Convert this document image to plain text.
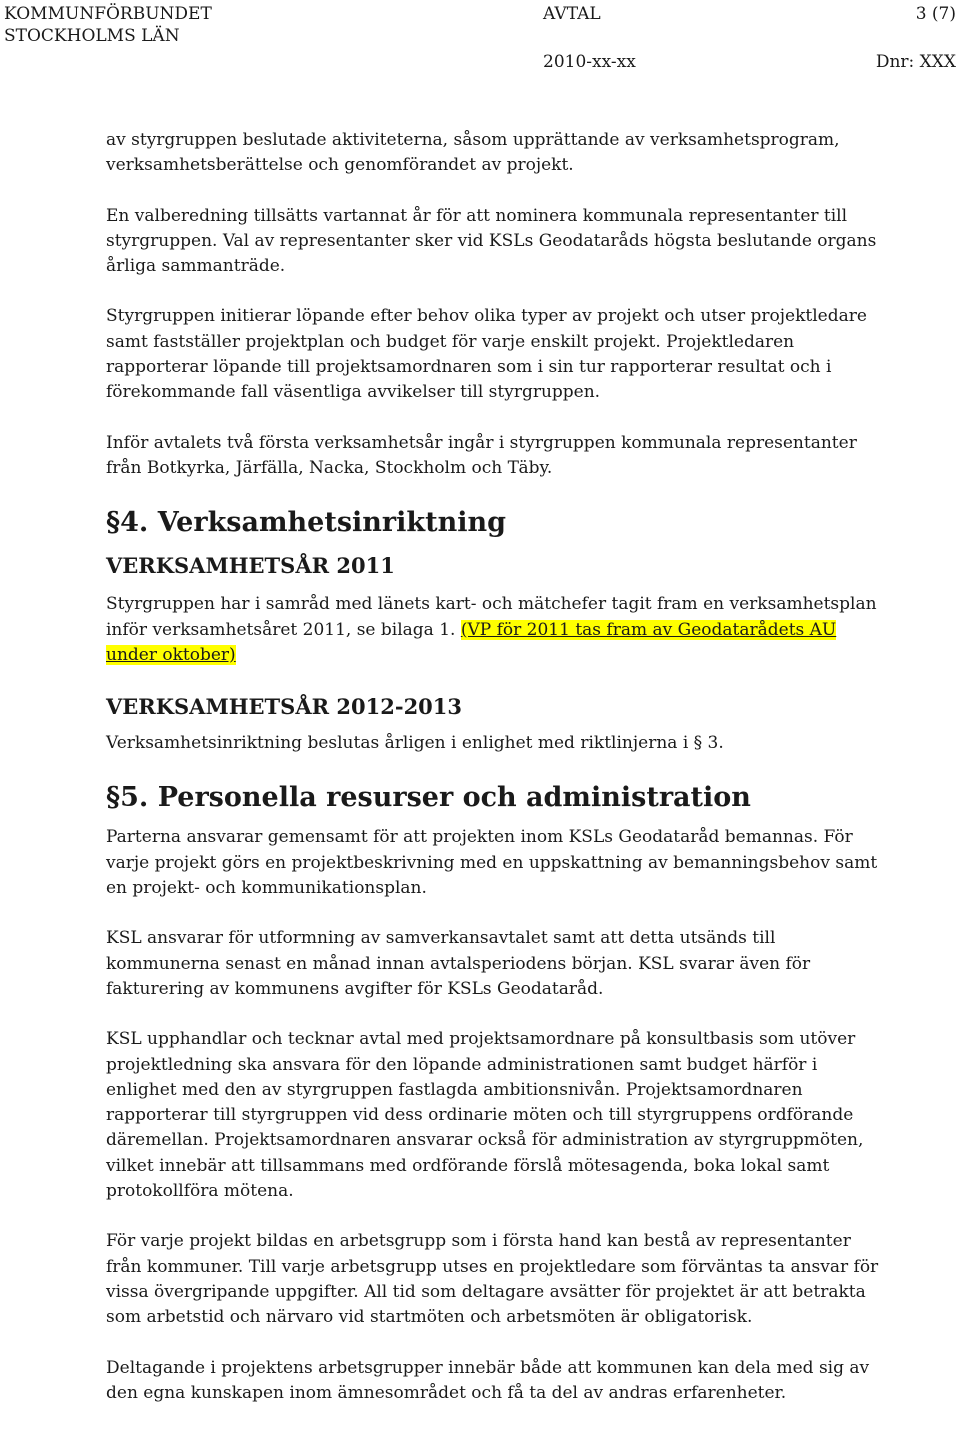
KOMMUNFÖRBUNDET
STOCKHOLMS LÄN
AVTAL	3 (7)
2010-xx-xx	Dnr: XXX

av styrgruppen beslutade aktiviteterna, såsom upprättande av verksamhetsprogram, verksamhetsberättelse och genomförandet av projekt.

En valberedning tillsätts vartannat år för att nominera kommunala representanter till styrgruppen. Val av representanter sker vid KSLs Geodataråds högsta beslutande organs årliga sammanträde.

Styrgruppen initierar löpande efter behov olika typer av projekt och utser projektledare samt fastställer projektplan och budget för varje enskilt projekt. Projektledaren rapporterar löpande till projektsamordnaren som i sin tur rapporterar resultat och i förekommande fall väsentliga avvikelser till styrgruppen.

Inför avtalets två första verksamhetsår ingår i styrgruppen kommunala representanter från Botkyrka, Järfälla, Nacka, Stockholm och Täby.

§4. Verksamhetsinriktning
VERKSAMHETSÅR 2011

Styrgruppen har i samråd med länets kart- och mätchefer tagit fram en verksamhetsplan inför verksamhetsåret 2011, se bilaga 1. (VP för 2011 tas fram av Geodatarådets AU under oktober)

VERKSAMHETSÅR 2012-2013

Verksamhetsinriktning beslutas årligen i enlighet med riktlinjerna i § 3.

§5. Personella resurser och administration

Parterna ansvarar gemensamt för att projekten inom KSLs Geodataråd bemannas. För varje projekt görs en projektbeskrivning med en uppskattning av bemanningsbehov samt en projekt- och kommunikationsplan.

KSL ansvarar för utformning av samverkansavtalet samt att detta utsänds till kommunerna senast en månad innan avtalsperiodens början. KSL svarar även för fakturering av kommunens avgifter för KSLs Geodataråd.

KSL upphandlar och tecknar avtal med projektsamordnare på konsultbasis som utöver projektledning ska ansvara för den löpande administrationen samt budget härför i enlighet med den av styrgruppen fastlagda ambitionsnivån. Projektsamordnaren rapporterar till styrgruppen vid dess ordinarie möten och till styrgruppens ordförande däremellan. Projektsamordnaren ansvarar också för administration av styrgruppmöten, vilket innebär att tillsammans med ordförande förslå mötesagenda, boka lokal samt protokollföra mötena.

För varje projekt bildas en arbetsgrupp som i första hand kan bestå av representanter från kommuner. Till varje arbetsgrupp utses en projektledare som förväntas ta ansvar för vissa övergripande uppgifter. All tid som deltagare avsätter för projektet är att betrakta som arbetstid och närvaro vid startmöten och arbetsmöten är obligatorisk.

Deltagande i projektens arbetsgrupper innebär både att kommunen kan dela med sig av den egna kunskapen inom ämnesområdet och få ta del av andras erfarenheter.
